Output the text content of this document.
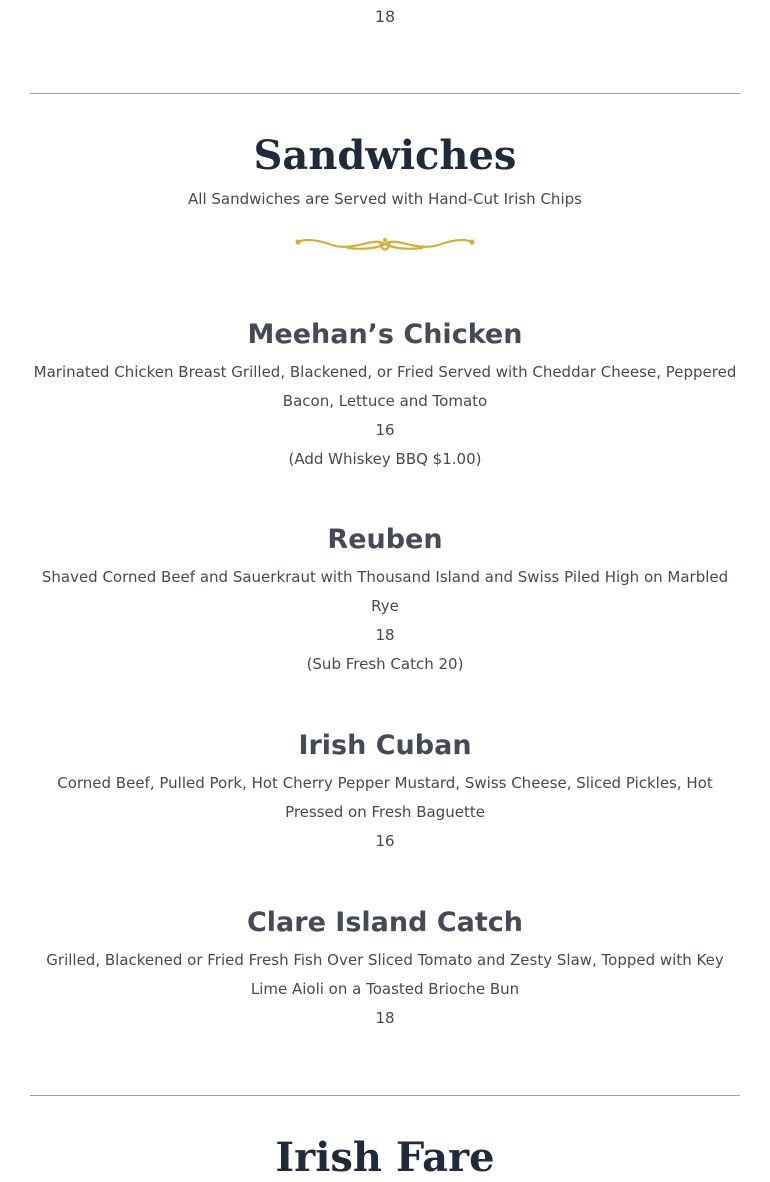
18
Sandwiches
All Sandwiches are Served with Hand-Cut Irish Chips
Meehan’s Chicken
Marinated Chicken Breast Grilled, Blackened, or Fried Served with Cheddar Cheese, Peppered Bacon, Lettuce and Tomato
16
(Add Whiskey BBQ $1.00)
Reuben
Shaved Corned Beef and Sauerkraut with Thousand Island and Swiss Piled High on Marbled Rye
18
(Sub Fresh Catch 20)
Irish Cuban
Corned Beef, Pulled Pork, Hot Cherry Pepper Mustard, Swiss Cheese, Sliced Pickles, Hot Pressed on Fresh Baguette
16
Clare Island Catch
Grilled, Blackened or Fried Fresh Fish Over Sliced Tomato and Zesty Slaw, Topped with Key Lime Aioli on a Toasted Brioche Bun
18
Irish Fare
